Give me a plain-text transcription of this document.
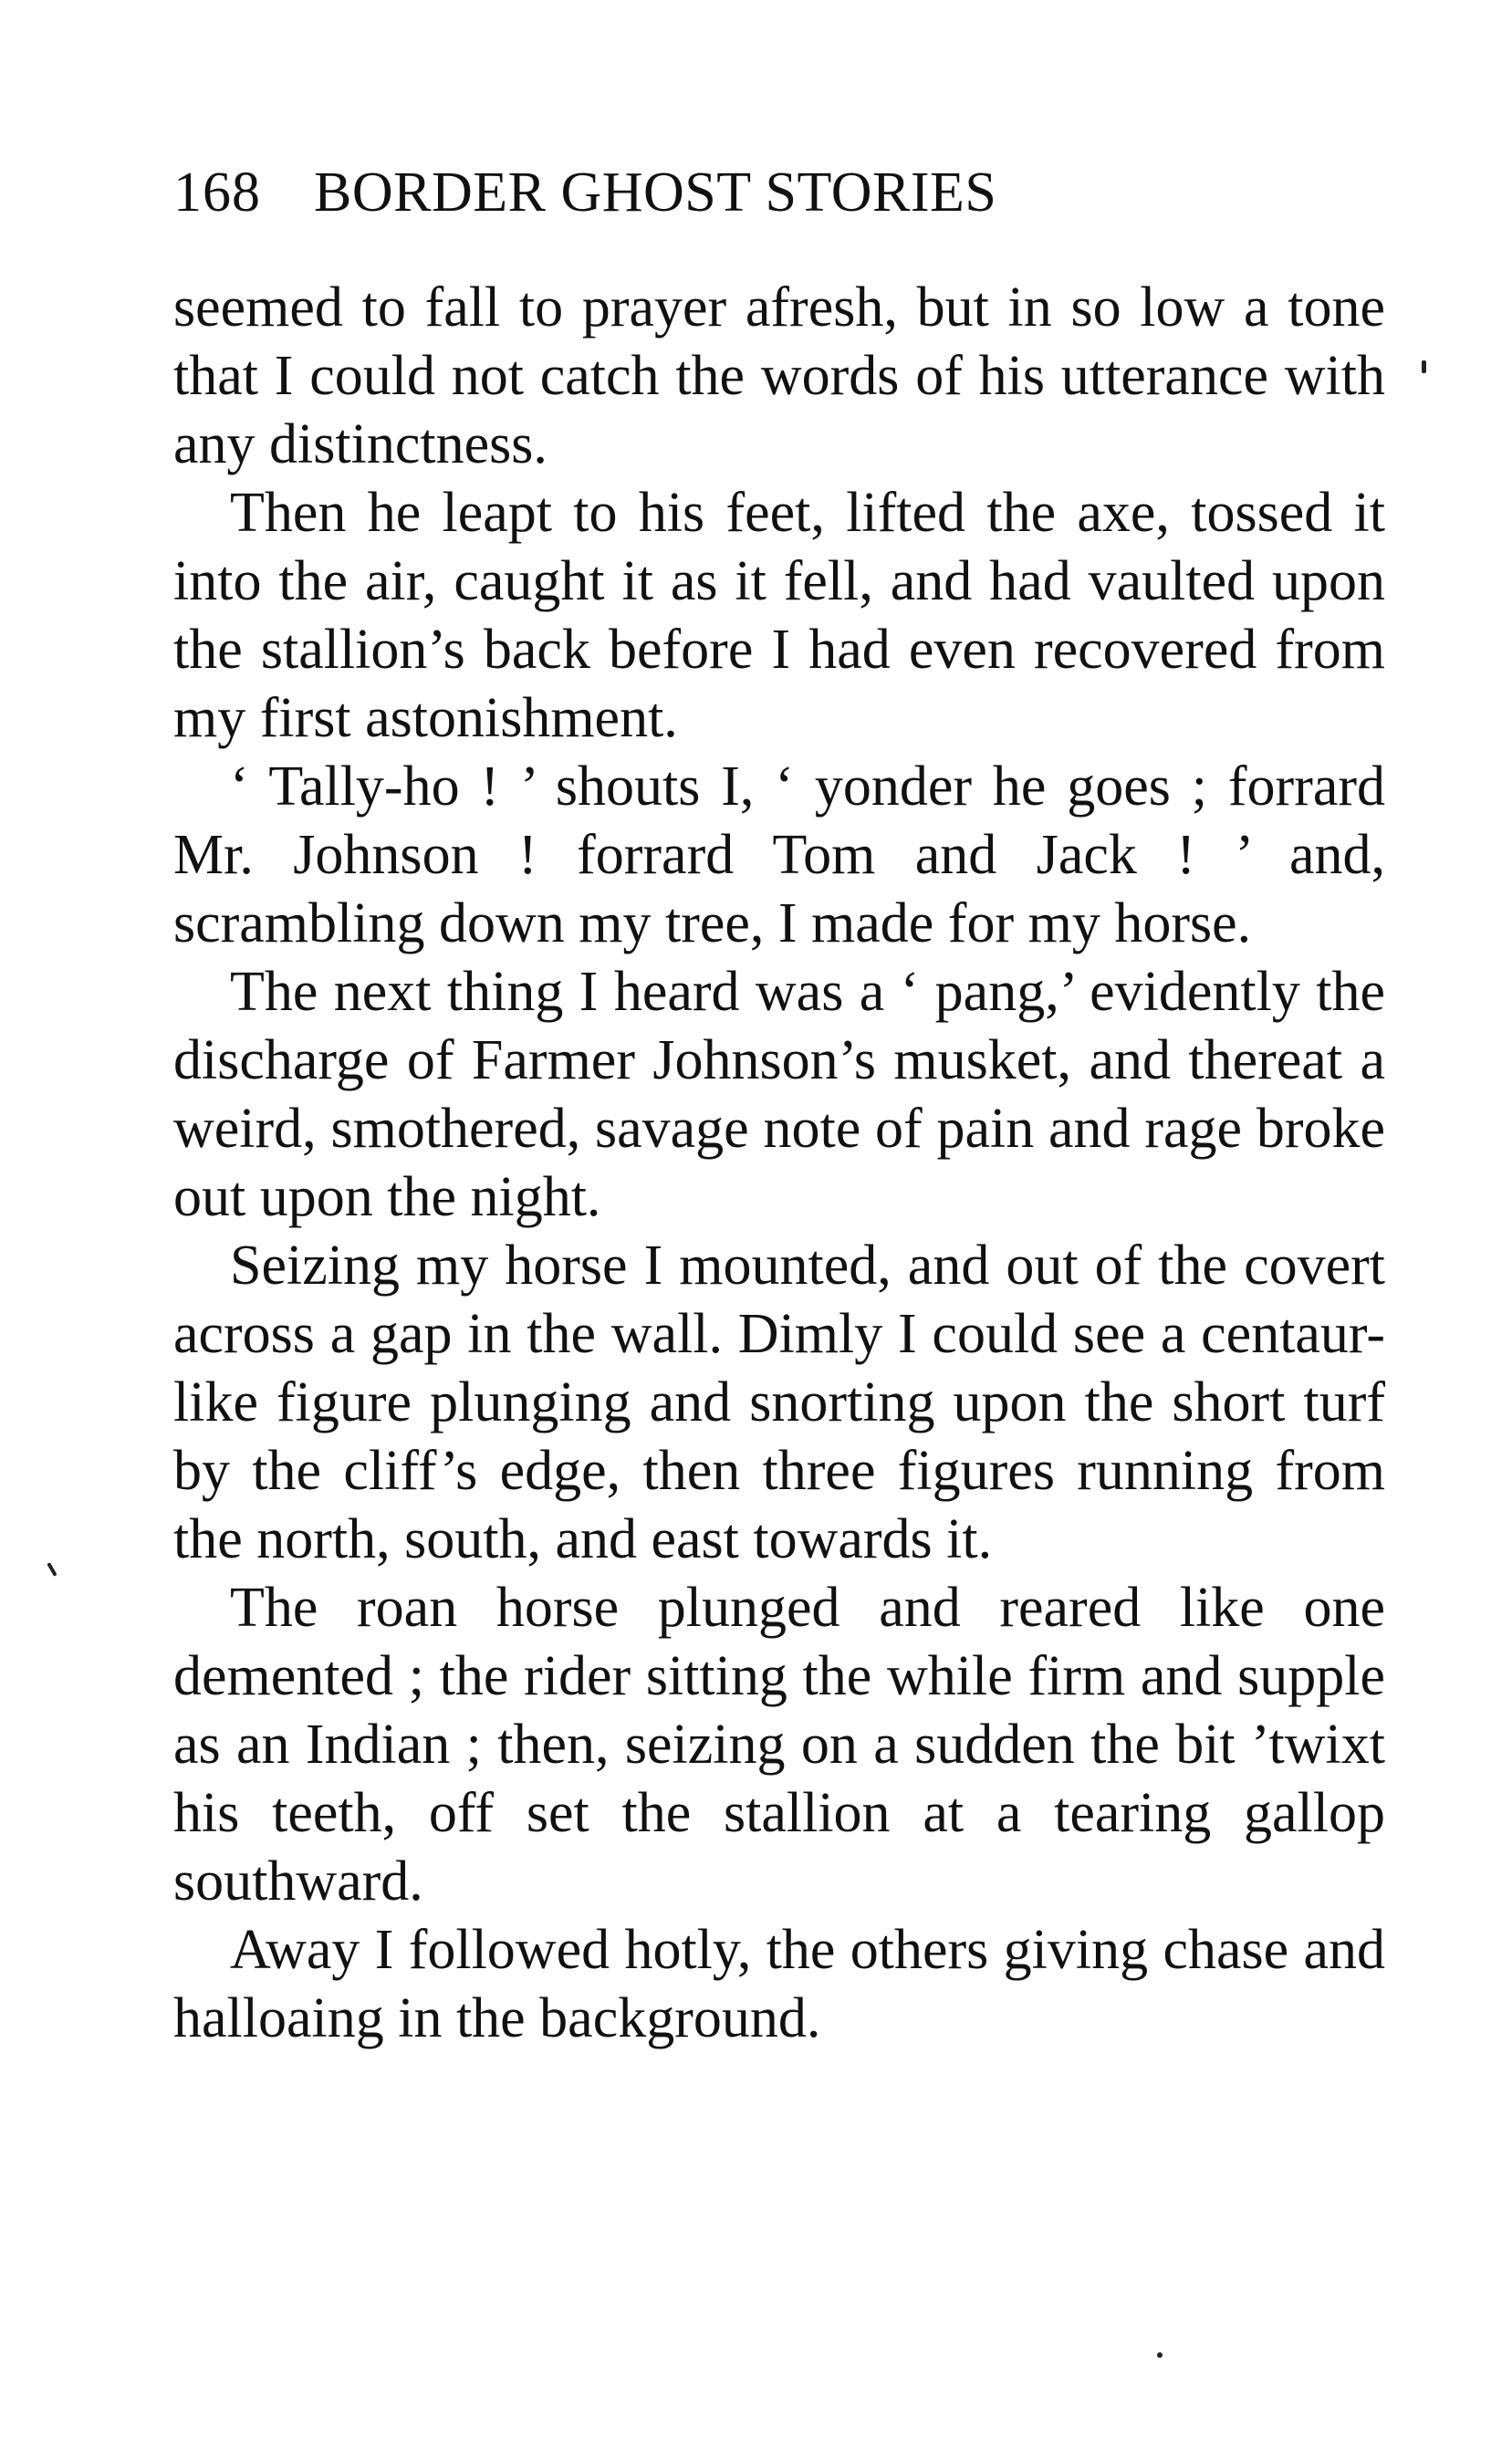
168 BORDER GHOST STORIES

seemed to fall to prayer afresh, but in so low a tone that I could not catch the words of his utterance with any distinctness.

Then he leapt to his feet, lifted the axe, tossed it into the air, caught it as it fell, and had vaulted upon the stallion’s back before I had even recovered from my first astonishment.

‘ Tally-ho ! ’ shouts I, ‘ yonder he goes ; forrard Mr. Johnson ! forrard Tom and Jack ! ’ and, scrambling down my tree, I made for my horse.

The next thing I heard was a ‘ pang,’ evidently the discharge of Farmer Johnson’s musket, and thereat a weird, smothered, savage note of pain and rage broke out upon the night.

Seizing my horse I mounted, and out of the covert across a gap in the wall. Dimly I could see a centaur-like figure plunging and snorting upon the short turf by the cliff’s edge, then three figures running from the north, south, and east towards it.

The roan horse plunged and reared like one demented ; the rider sitting the while firm and supple as an Indian ; then, seizing on a sudden the bit ’twixt his teeth, off set the stallion at a tearing gallop southward.

Away I followed hotly, the others giving chase and halloaing in the background.
